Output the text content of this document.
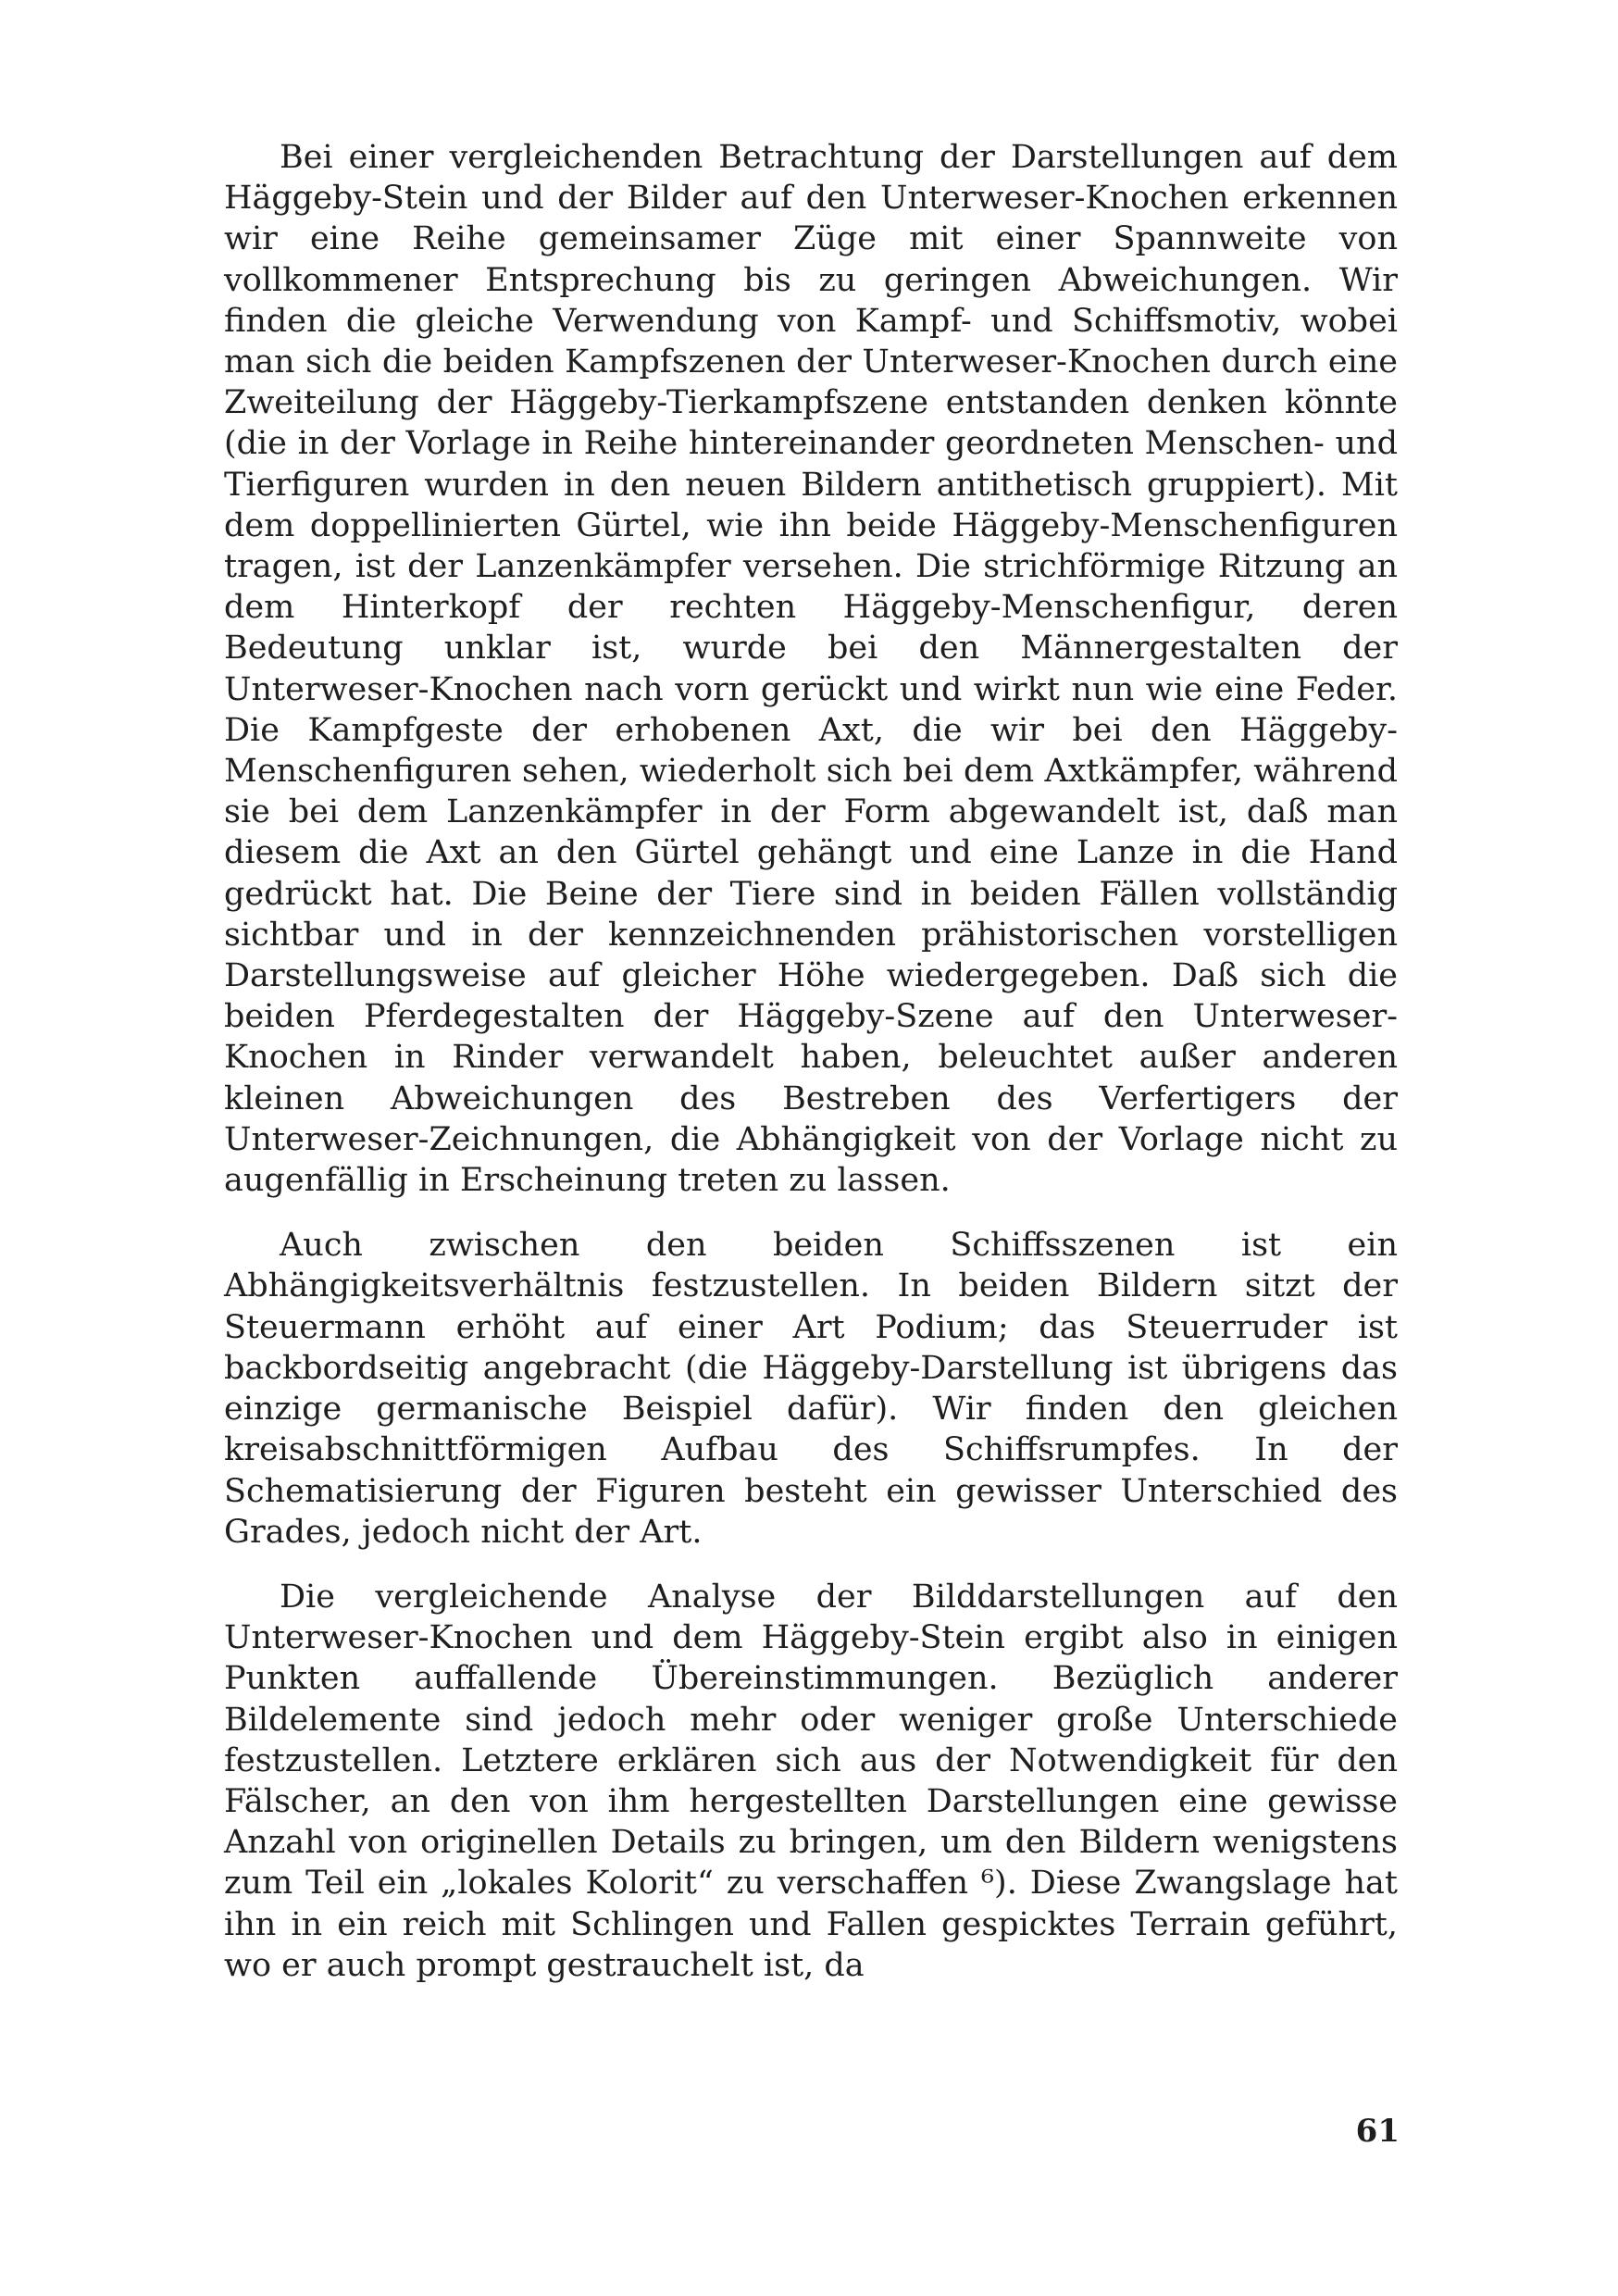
Bei einer vergleichenden Betrachtung der Darstellungen auf dem Häggeby-Stein und der Bilder auf den Unterweser-Knochen erkennen wir eine Reihe gemeinsamer Züge mit einer Spannweite von vollkommener Entsprechung bis zu geringen Abweichungen. Wir finden die gleiche Verwendung von Kampf- und Schiffsmotiv, wobei man sich die beiden Kampfszenen der Unterweser-Knochen durch eine Zweiteilung der Häggeby-Tierkampfszene entstanden denken könnte (die in der Vorlage in Reihe hintereinander geordneten Menschen- und Tierfiguren wurden in den neuen Bildern antithetisch gruppiert). Mit dem doppellinierten Gürtel, wie ihn beide Häggeby-Menschenfiguren tragen, ist der Lanzenkämpfer versehen. Die strichförmige Ritzung an dem Hinterkopf der rechten Häggeby-Menschenfigur, deren Bedeutung unklar ist, wurde bei den Männergestalten der Unterweser-Knochen nach vorn gerückt und wirkt nun wie eine Feder. Die Kampfgeste der erhobenen Axt, die wir bei den Häggeby-Menschenfiguren sehen, wiederholt sich bei dem Axtkämpfer, während sie bei dem Lanzenkämpfer in der Form abgewandelt ist, daß man diesem die Axt an den Gürtel gehängt und eine Lanze in die Hand gedrückt hat. Die Beine der Tiere sind in beiden Fällen vollständig sichtbar und in der kennzeichnenden prähistorischen vorstelligen Darstellungsweise auf gleicher Höhe wiedergegeben. Daß sich die beiden Pferdegestalten der Häggeby-Szene auf den Unterweser-Knochen in Rinder verwandelt haben, beleuchtet außer anderen kleinen Abweichungen des Bestreben des Verfertigers der Unterweser-Zeichnungen, die Abhängigkeit von der Vorlage nicht zu augenfällig in Erscheinung treten zu lassen.

Auch zwischen den beiden Schiffsszenen ist ein Abhängigkeitsverhältnis festzustellen. In beiden Bildern sitzt der Steuermann erhöht auf einer Art Podium; das Steuerruder ist backbordseitig angebracht (die Häggeby-Darstellung ist übrigens das einzige germanische Beispiel dafür). Wir finden den gleichen kreisabschnittförmigen Aufbau des Schiffsrumpfes. In der Schematisierung der Figuren besteht ein gewisser Unterschied des Grades, jedoch nicht der Art.

Die vergleichende Analyse der Bilddarstellungen auf den Unterweser-Knochen und dem Häggeby-Stein ergibt also in einigen Punkten auffallende Übereinstimmungen. Bezüglich anderer Bildelemente sind jedoch mehr oder weniger große Unterschiede festzustellen. Letztere erklären sich aus der Notwendigkeit für den Fälscher, an den von ihm hergestellten Darstellungen eine gewisse Anzahl von originellen Details zu bringen, um den Bildern wenigstens zum Teil ein „lokales Kolorit“ zu verschaffen ⁶). Diese Zwangslage hat ihn in ein reich mit Schlingen und Fallen gespicktes Terrain geführt, wo er auch prompt gestrauchelt ist, da

61
